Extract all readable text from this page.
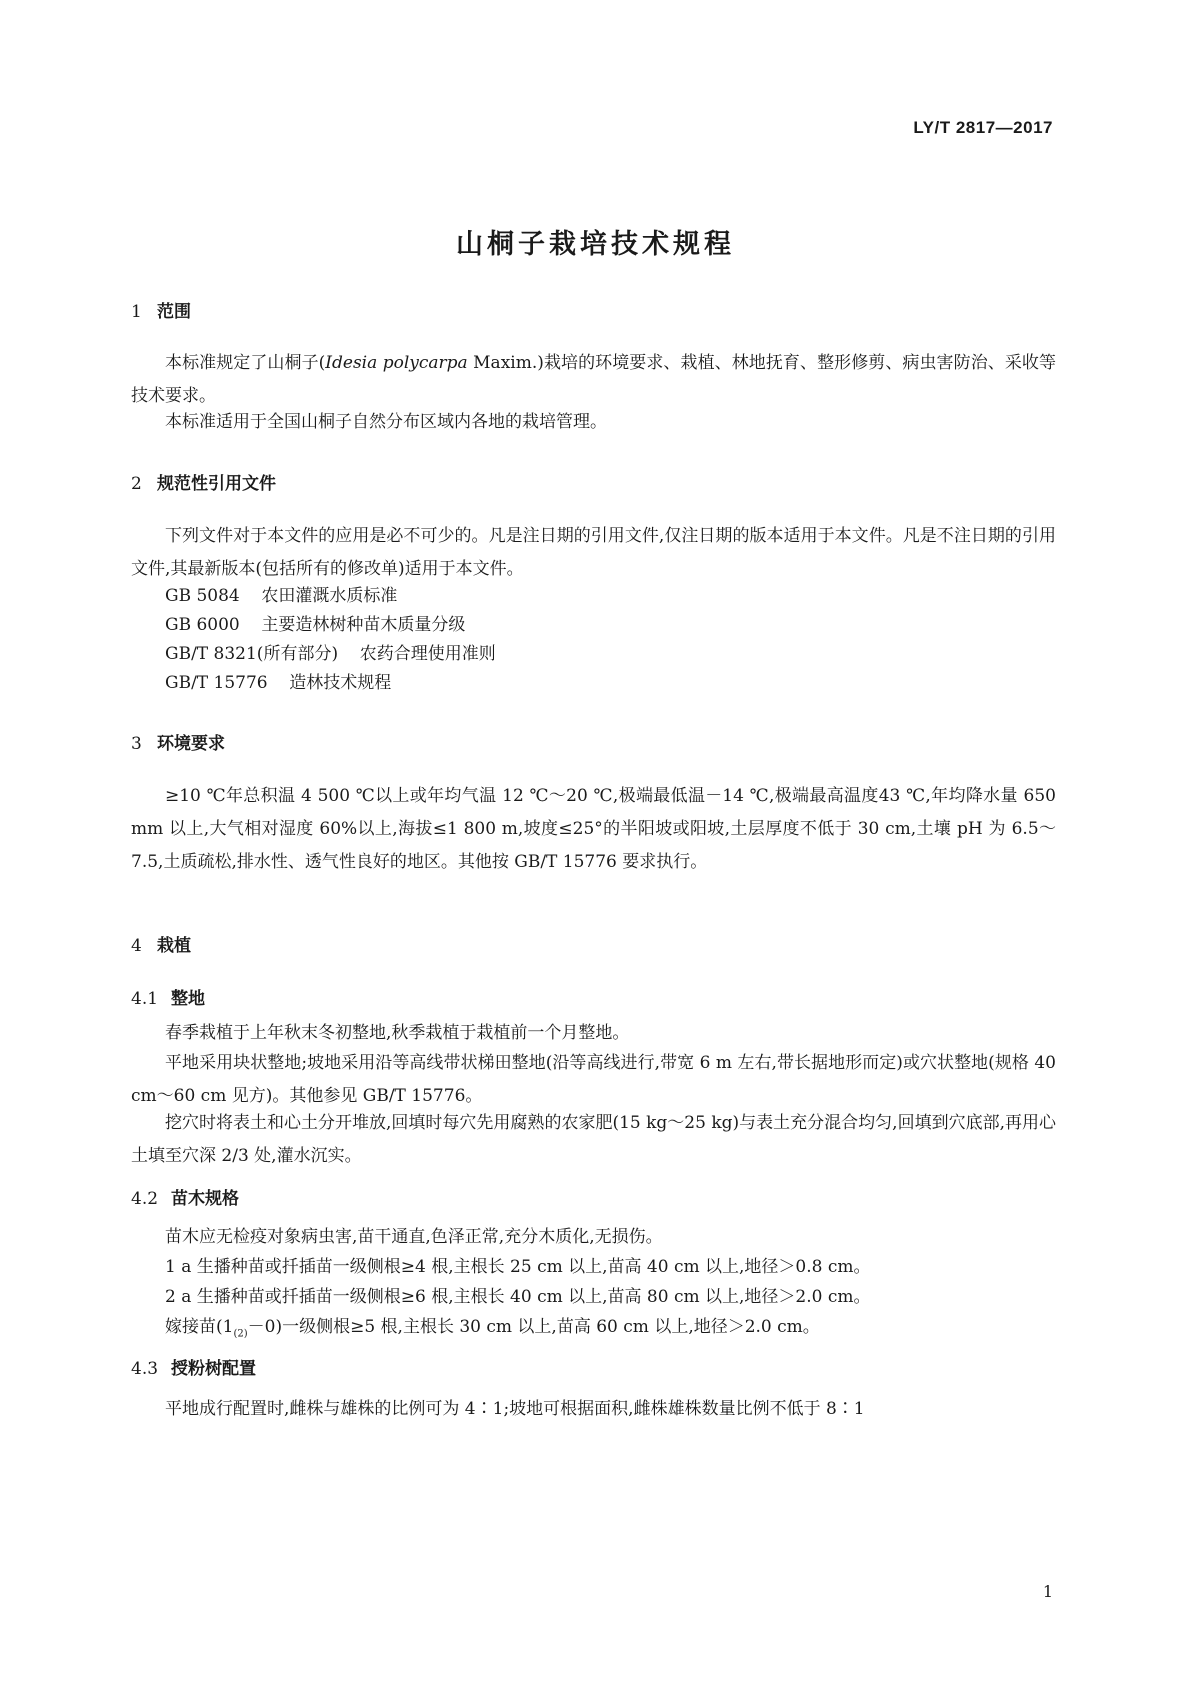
LY/T 2817—2017
山桐子栽培技术规程
1 范围
本标准规定了山桐子(Idesia polycarpa Maxim.)栽培的环境要求、栽植、林地抚育、整形修剪、病虫害防治、采收等技术要求。
本标准适用于全国山桐子自然分布区域内各地的栽培管理。
2 规范性引用文件
下列文件对于本文件的应用是必不可少的。凡是注日期的引用文件,仅注日期的版本适用于本文件。凡是不注日期的引用文件,其最新版本(包括所有的修改单)适用于本文件。
GB 5084 农田灌溉水质标准
GB 6000 主要造林树种苗木质量分级
GB/T 8321(所有部分) 农药合理使用准则
GB/T 15776 造林技术规程
3 环境要求
≥10 ℃年总积温 4 500 ℃以上或年均气温 12 ℃～20 ℃,极端最低温－14 ℃,极端最高温度43 ℃,年均降水量 650 mm 以上,大气相对湿度 60%以上,海拔≤1 800 m,坡度≤25°的半阳坡或阳坡,土层厚度不低于 30 cm,土壤 pH 为 6.5～7.5,土质疏松,排水性、透气性良好的地区。其他按 GB/T 15776 要求执行。
4 栽植
4.1 整地
春季栽植于上年秋末冬初整地,秋季栽植于栽植前一个月整地。
平地采用块状整地;坡地采用沿等高线带状梯田整地(沿等高线进行,带宽 6 m 左右,带长据地形而定)或穴状整地(规格 40 cm～60 cm 见方)。其他参见 GB/T 15776。
挖穴时将表土和心土分开堆放,回填时每穴先用腐熟的农家肥(15 kg～25 kg)与表土充分混合均匀,回填到穴底部,再用心土填至穴深 2/3 处,灌水沉实。
4.2 苗木规格
苗木应无检疫对象病虫害,苗干通直,色泽正常,充分木质化,无损伤。
1 a 生播种苗或扦插苗一级侧根≥4 根,主根长 25 cm 以上,苗高 40 cm 以上,地径＞0.8 cm。
2 a 生播种苗或扦插苗一级侧根≥6 根,主根长 40 cm 以上,苗高 80 cm 以上,地径＞2.0 cm。
嫁接苗$(1_{(2)}-0)$一级侧根≥5 根,主根长 30 cm 以上,苗高 60 cm 以上,地径＞2.0 cm。
4.3 授粉树配置
平地成行配置时,雌株与雄株的比例可为 4∶1;坡地可根据面积,雌株雄株数量比例不低于 8∶1
1
